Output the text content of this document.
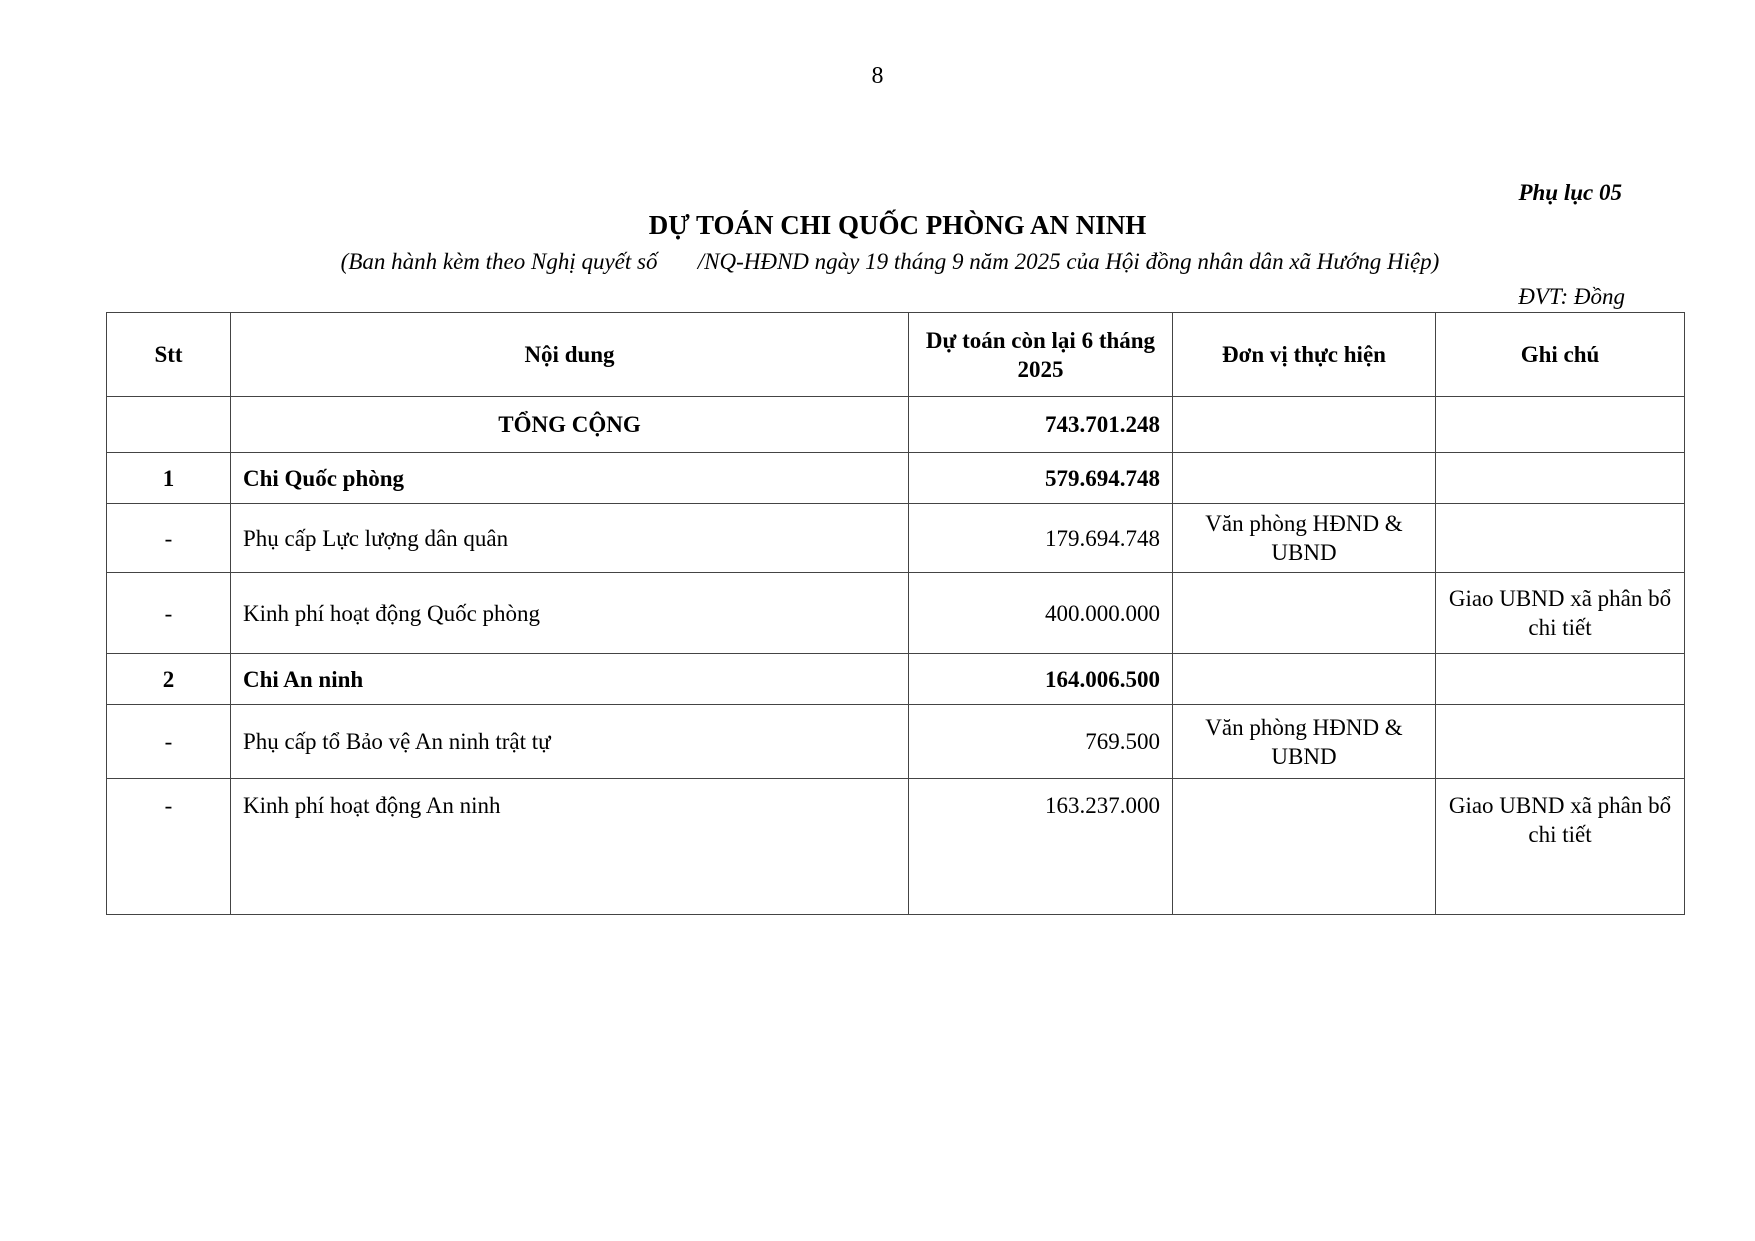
8
Phụ lục 05
DỰ TOÁN CHI QUỐC PHÒNG AN NINH
(Ban hành kèm theo Nghị quyết số       /NQ-HĐND ngày 19 tháng 9 năm 2025 của Hội đồng nhân dân xã Hướng Hiệp)
ĐVT: Đồng
Stt	Nội dung	Dự toán còn lại 6 tháng 2025	Đơn vị thực hiện	Ghi chú
	TỔNG CỘNG	743.701.248		
1	Chi Quốc phòng	579.694.748		
-	Phụ cấp Lực lượng dân quân	179.694.748	Văn phòng HĐND & UBND	
-	Kinh phí hoạt động Quốc phòng	400.000.000		Giao UBND xã phân bổ chi tiết
2	Chi An ninh	164.006.500		
-	Phụ cấp tổ Bảo vệ An ninh trật tự	769.500	Văn phòng HĐND & UBND	
-	Kinh phí hoạt động An ninh	163.237.000		Giao UBND xã phân bổ chi tiết
